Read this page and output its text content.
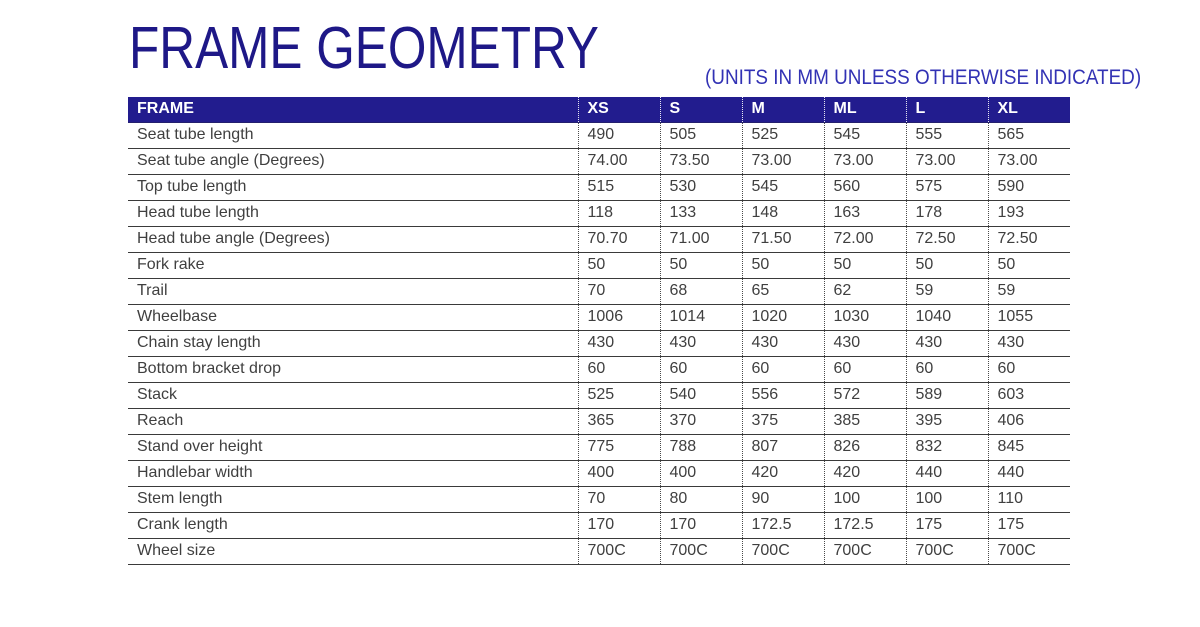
FRAME GEOMETRY	(UNITS IN MM UNLESS OTHERWISE INDICATED)
FRAME	XS	S	M	ML	L	XL
Seat tube length	490	505	525	545	555	565
Seat tube angle (Degrees)	74.00	73.50	73.00	73.00	73.00	73.00
Top tube length	515	530	545	560	575	590
Head tube length	118	133	148	163	178	193
Head tube angle (Degrees)	70.70	71.00	71.50	72.00	72.50	72.50
Fork rake	50	50	50	50	50	50
Trail	70	68	65	62	59	59
Wheelbase	1006	1014	1020	1030	1040	1055
Chain stay length	430	430	430	430	430	430
Bottom bracket drop	60	60	60	60	60	60
Stack	525	540	556	572	589	603
Reach	365	370	375	385	395	406
Stand over height	775	788	807	826	832	845
Handlebar width	400	400	420	420	440	440
Stem length	70	80	90	100	100	110
Crank length	170	170	172.5	172.5	175	175
Wheel size	700C	700C	700C	700C	700C	700C
